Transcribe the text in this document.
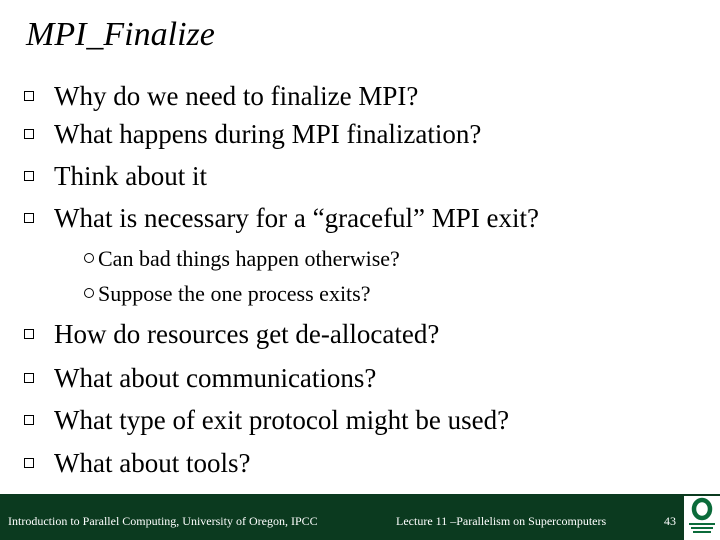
MPI_Finalize
Why do we need to finalize MPI?
What happens during MPI finalization?
Think about it
What is necessary for a “graceful” MPI exit?
Can bad things happen otherwise?
Suppose the one process exits?
How do resources get de-allocated?
What about communications?
What type of exit protocol might be used?
What about tools?
Introduction to Parallel Computing, University of Oregon, IPCC	Lecture 11 –Parallelism on Supercomputers	43
